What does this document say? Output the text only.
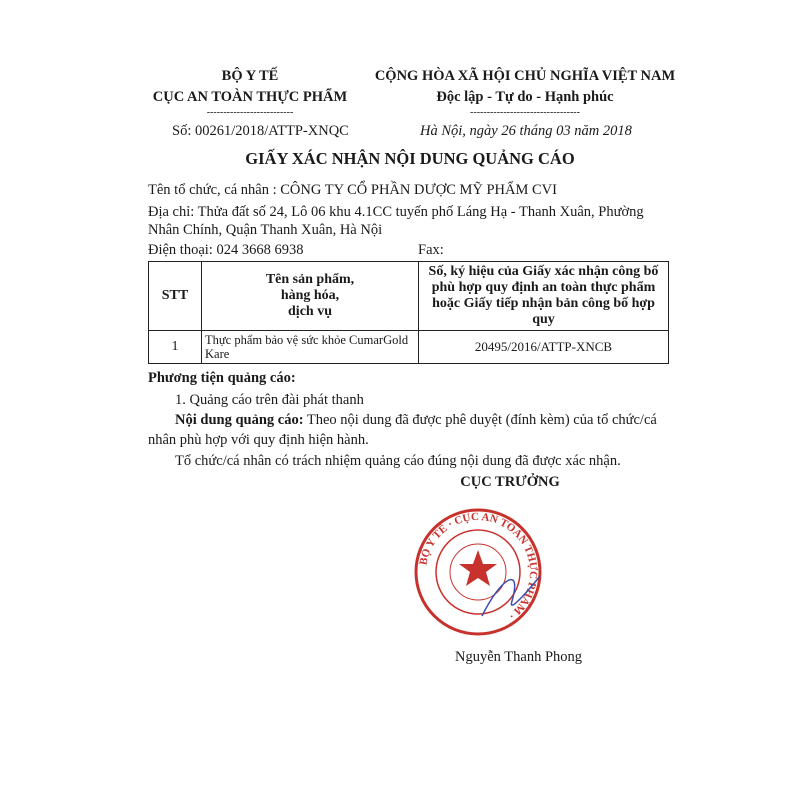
BỘ Y TẾ
CỤC AN TOÀN THỰC PHẨM
--------------------------
CỘNG HÒA XÃ HỘI CHỦ NGHĨA VIỆT NAM
Độc lập - Tự do - Hạnh phúc
---------------------------------
Số: 00261/2018/ATTP-XNQC	Hà Nội, ngày 26 tháng 03 năm 2018
GIẤY XÁC NHẬN NỘI DUNG QUẢNG CÁO
Tên tổ chức, cá nhân : CÔNG TY CỔ PHẦN DƯỢC MỸ PHẨM CVI
Địa chỉ: Thửa đất số 24, Lô 06 khu 4.1CC tuyến phố Láng Hạ - Thanh Xuân, Phường
Nhân Chính, Quận Thanh Xuân, Hà Nội
Điện thoại: 024 3668 6938	Fax:
STT	Tên sản phẩm,
hàng hóa,
dịch vụ	Số, ký hiệu của Giấy xác nhận công bố phù hợp quy định an toàn thực phẩm hoặc Giấy tiếp nhận bản công bố hợp quy
1	Thực phẩm bảo vệ sức khỏe CumarGold Kare	20495/2016/ATTP-XNCB
Phương tiện quảng cáo:
1. Quảng cáo trên đài phát thanh
Nội dung quảng cáo: Theo nội dung đã được phê duyệt (đính kèm) của tổ chức/cá
nhân phù hợp với quy định hiện hành.
Tổ chức/cá nhân có trách nhiệm quảng cáo đúng nội dung đã được xác nhận.
CỤC TRƯỞNG
BỘ Y TẾ · CỤC AN TOÀN THỰC PHẨM ·
Nguyễn Thanh Phong
